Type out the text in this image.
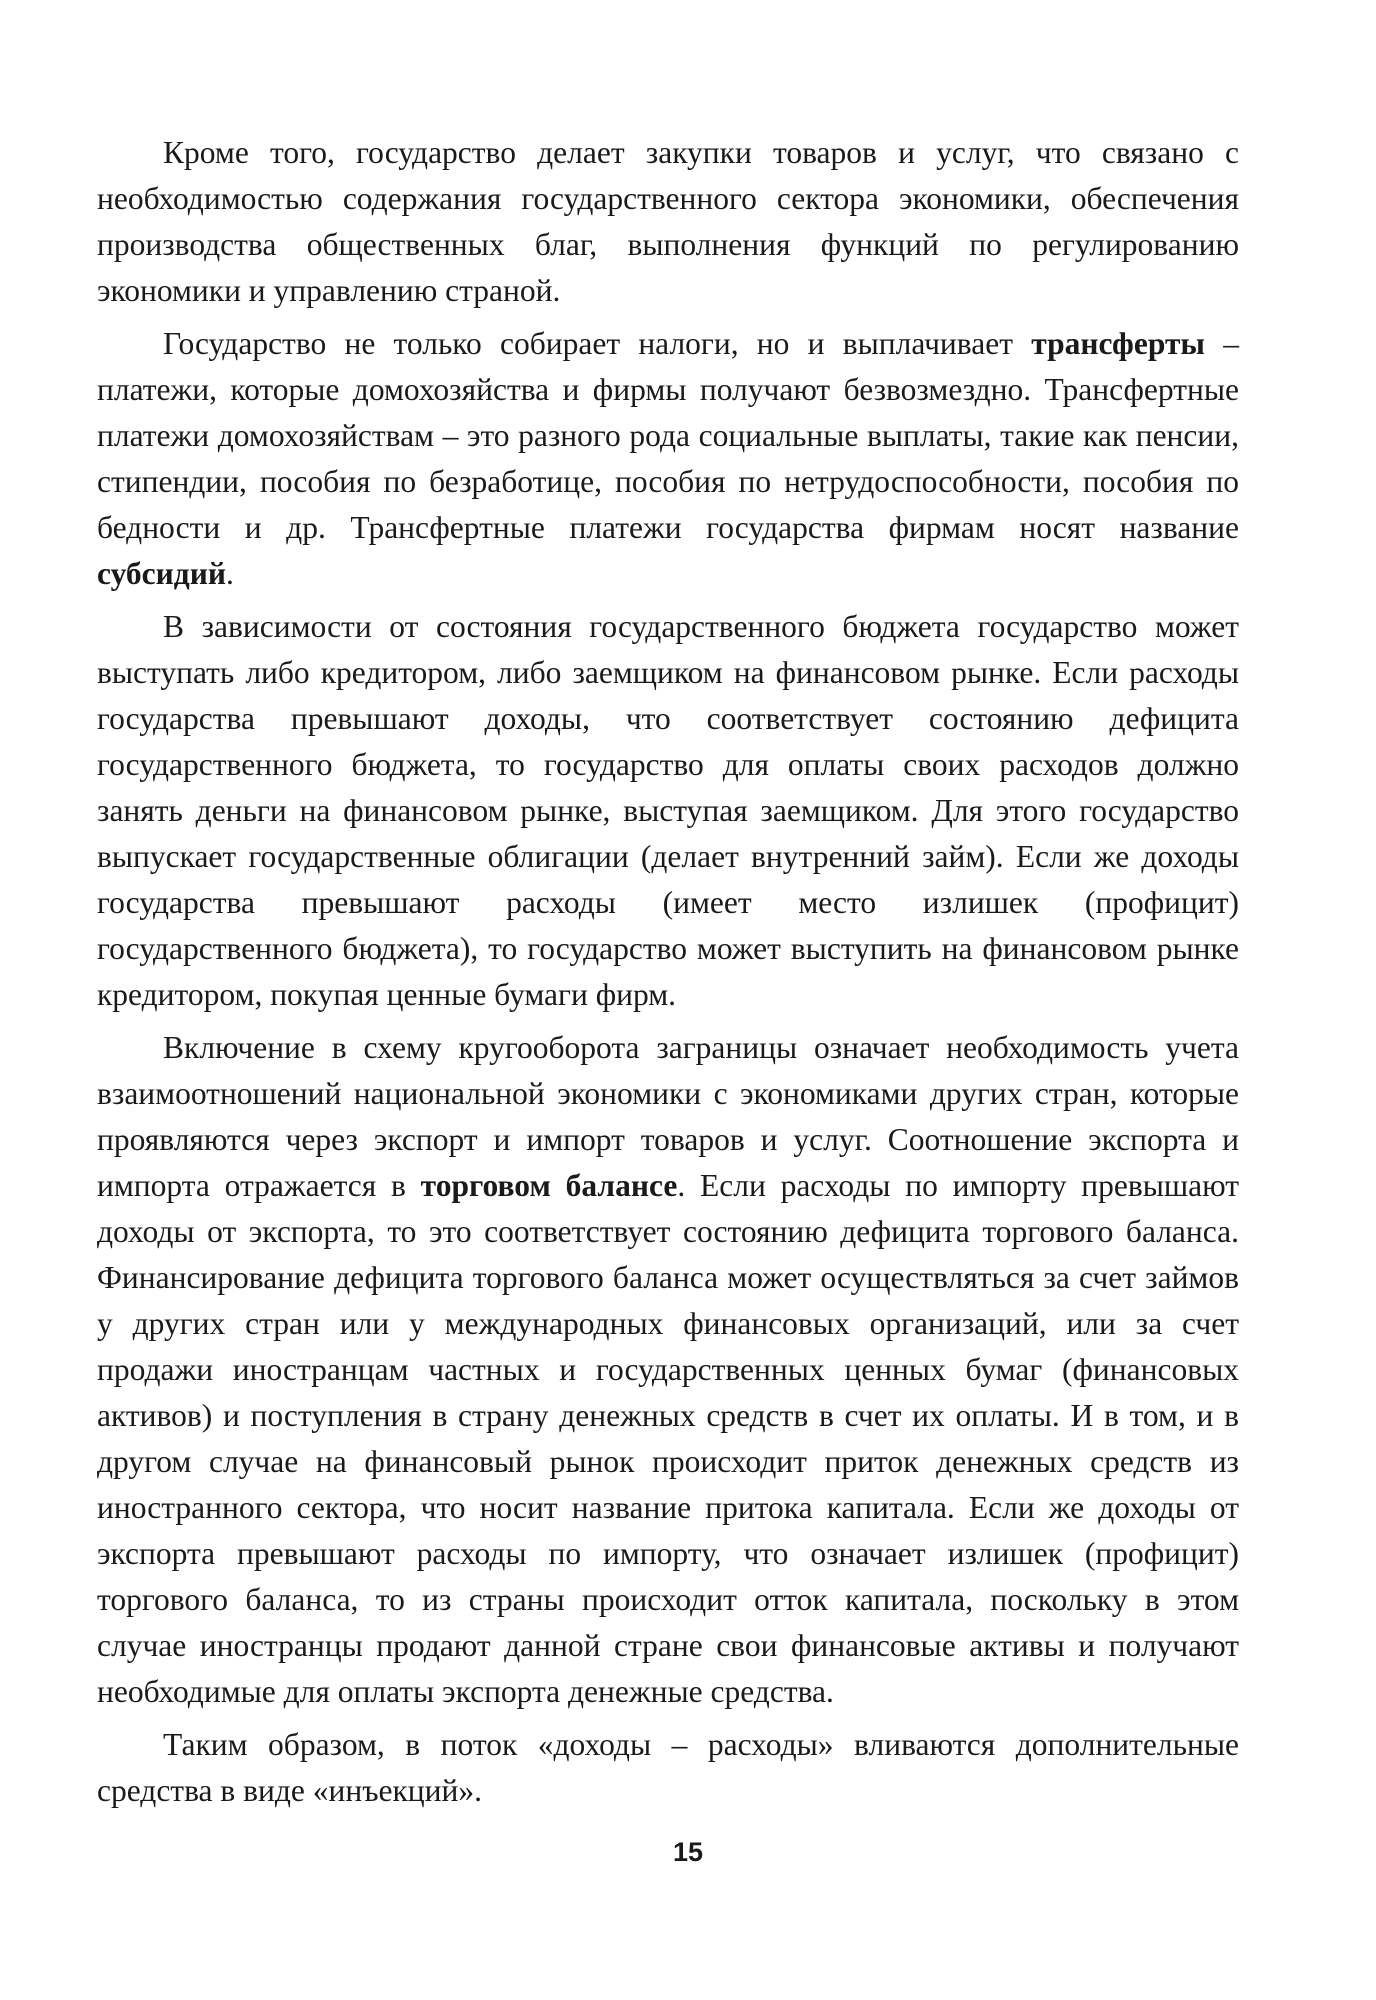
Кроме того, государство делает закупки товаров и услуг, что связано с необходимостью содержания государственного сектора экономики, обеспечения производства общественных благ, выполнения функций по регулированию экономики и управлению страной.

Государство не только собирает налоги, но и выплачивает трансферты – платежи, которые домохозяйства и фирмы получают безвозмездно. Трансфертные платежи домохозяйствам – это разного рода социальные выплаты, такие как пенсии, стипендии, пособия по безработице, пособия по нетрудоспособности, пособия по бедности и др. Трансфертные платежи государства фирмам носят название субсидий.

В зависимости от состояния государственного бюджета государство может выступать либо кредитором, либо заемщиком на финансовом рынке. Если расходы государства превышают доходы, что соответствует состоянию дефицита государственного бюджета, то государство для оплаты своих расходов должно занять деньги на финансовом рынке, выступая заемщиком. Для этого государство выпускает государственные облигации (делает внутренний займ). Если же доходы государства превышают расходы (имеет место излишек (профицит) государственного бюджета), то государство может выступить на финансовом рынке кредитором, покупая ценные бумаги фирм.

Включение в схему кругооборота заграницы означает необходимость учета взаимоотношений национальной экономики с экономиками других стран, которые проявляются через экспорт и импорт товаров и услуг. Соотношение экспорта и импорта отражается в торговом балансе. Если расходы по импорту превышают доходы от экспорта, то это соответствует состоянию дефицита торгового баланса. Финансирование дефицита торгового баланса может осуществляться за счет займов у других стран или у международных финансовых организаций, или за счет продажи иностранцам частных и государственных ценных бумаг (финансовых активов) и поступления в страну денежных средств в счет их оплаты. И в том, и в другом случае на финансовый рынок происходит приток денежных средств из иностранного сектора, что носит название притока капитала. Если же доходы от экспорта превышают расходы по импорту, что означает излишек (профицит) торгового баланса, то из страны происходит отток капитала, поскольку в этом случае иностранцы продают данной стране свои финансовые активы и получают необходимые для оплаты экспорта денежные средства.

Таким образом, в поток «доходы – расходы» вливаются дополнительные средства в виде «инъекций».

15
